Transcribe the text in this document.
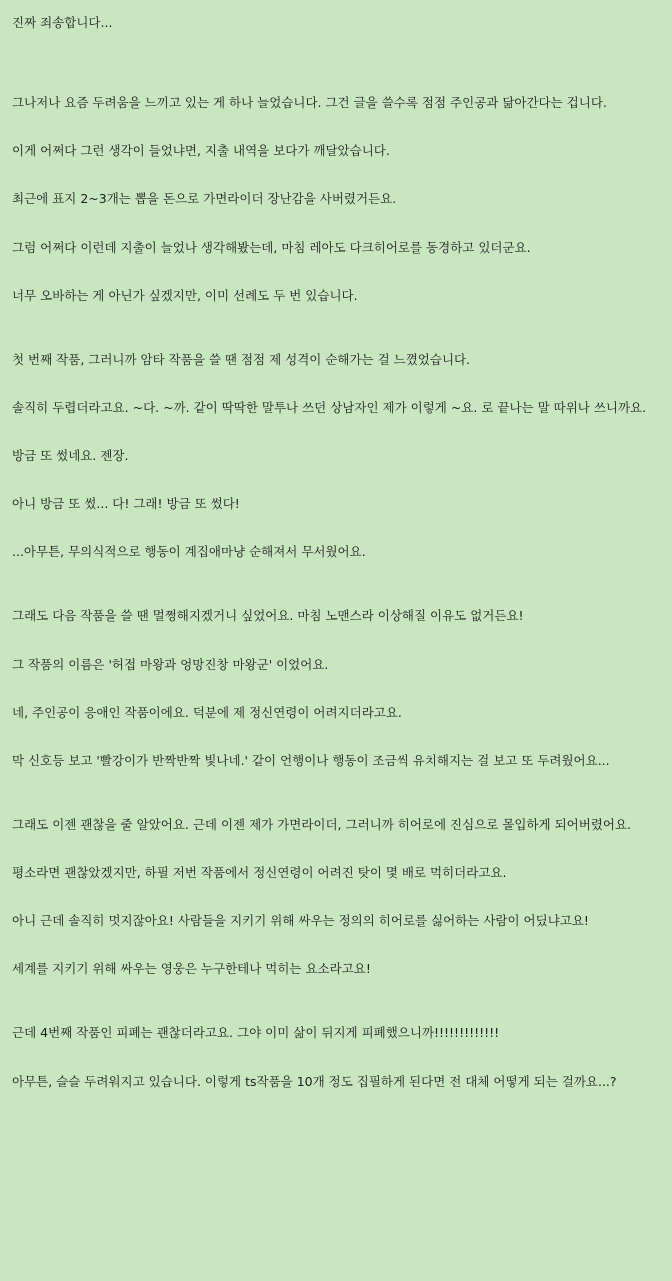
진짜 죄송합니다...

그나저나 요즘 두려움을 느끼고 있는 게 하나 늘었습니다. 그건 글을 쓸수록 점점 주인공과 닮아간다는 겁니다.

이게 어쩌다 그런 생각이 들었냐면, 지출 내역을 보다가 깨달았습니다.

최근에 표지 2~3개는 뽑을 돈으로 가면라이더 장난감을 사버렸거든요.

그럼 어쩌다 이런데 지출이 늘었나 생각해봤는데, 마침 레아도 다크히어로를 동경하고 있더군요.

너무 오바하는 게 아닌가 싶겠지만, 이미 선례도 두 번 있습니다.

첫 번째 작품, 그러니까 암타 작품을 쓸 땐 점점 제 성격이 순해가는 걸 느꼈었습니다.

솔직히 두렵더라고요. ~다. ~까. 같이 딱딱한 말투나 쓰던 상남자인 제가 이렇게 ~요. 로 끝나는 말 따위나 쓰니까요.

방금 또 썼네요. 젠장.

아니 방금 또 썼... 다! 그래! 방금 또 썼다!

...아무튼, 무의식적으로 행동이 계집애마냥 순해져서 무서웠어요.

그래도 다음 작품을 쓸 땐 멀쩡해지겠거니 싶었어요. 마침 노맨스라 이상해질 이유도 없거든요!

그 작품의 이름은 '허접 마왕과 엉망진창 마왕군' 이었어요.

네, 주인공이 응애인 작품이에요. 덕분에 제 정신연령이 어려지더라고요.

막 신호등 보고 '빨강이가 반짝반짝 빛나네.' 같이 언행이나 행동이 조금씩 유치해지는 걸 보고 또 두려웠어요...

그래도 이젠 괜찮을 줄 알았어요. 근데 이젠 제가 가면라이더, 그러니까 히어로에 진심으로 몰입하게 되어버렸어요.

평소라면 괜찮았겠지만, 하필 저번 작품에서 정신연령이 어려진 탓이 몇 배로 먹히더라고요.

아니 근데 솔직히 멋지잖아요! 사람들을 지키기 위해 싸우는 정의의 히어로를 싫어하는 사람이 어딨냐고요!

세계를 지키기 위해 싸우는 영웅은 누구한테나 먹히는 요소라고요!

근데 4번째 작품인 피폐는 괜찮더라고요. 그야 이미 삶이 뒤지게 피폐했으니까!!!!!!!!!!!!!

아무튼, 슬슬 두려워지고 있습니다. 이렇게 ts작품을 10개 정도 집필하게 된다면 전 대체 어떻게 되는 걸까요...?
